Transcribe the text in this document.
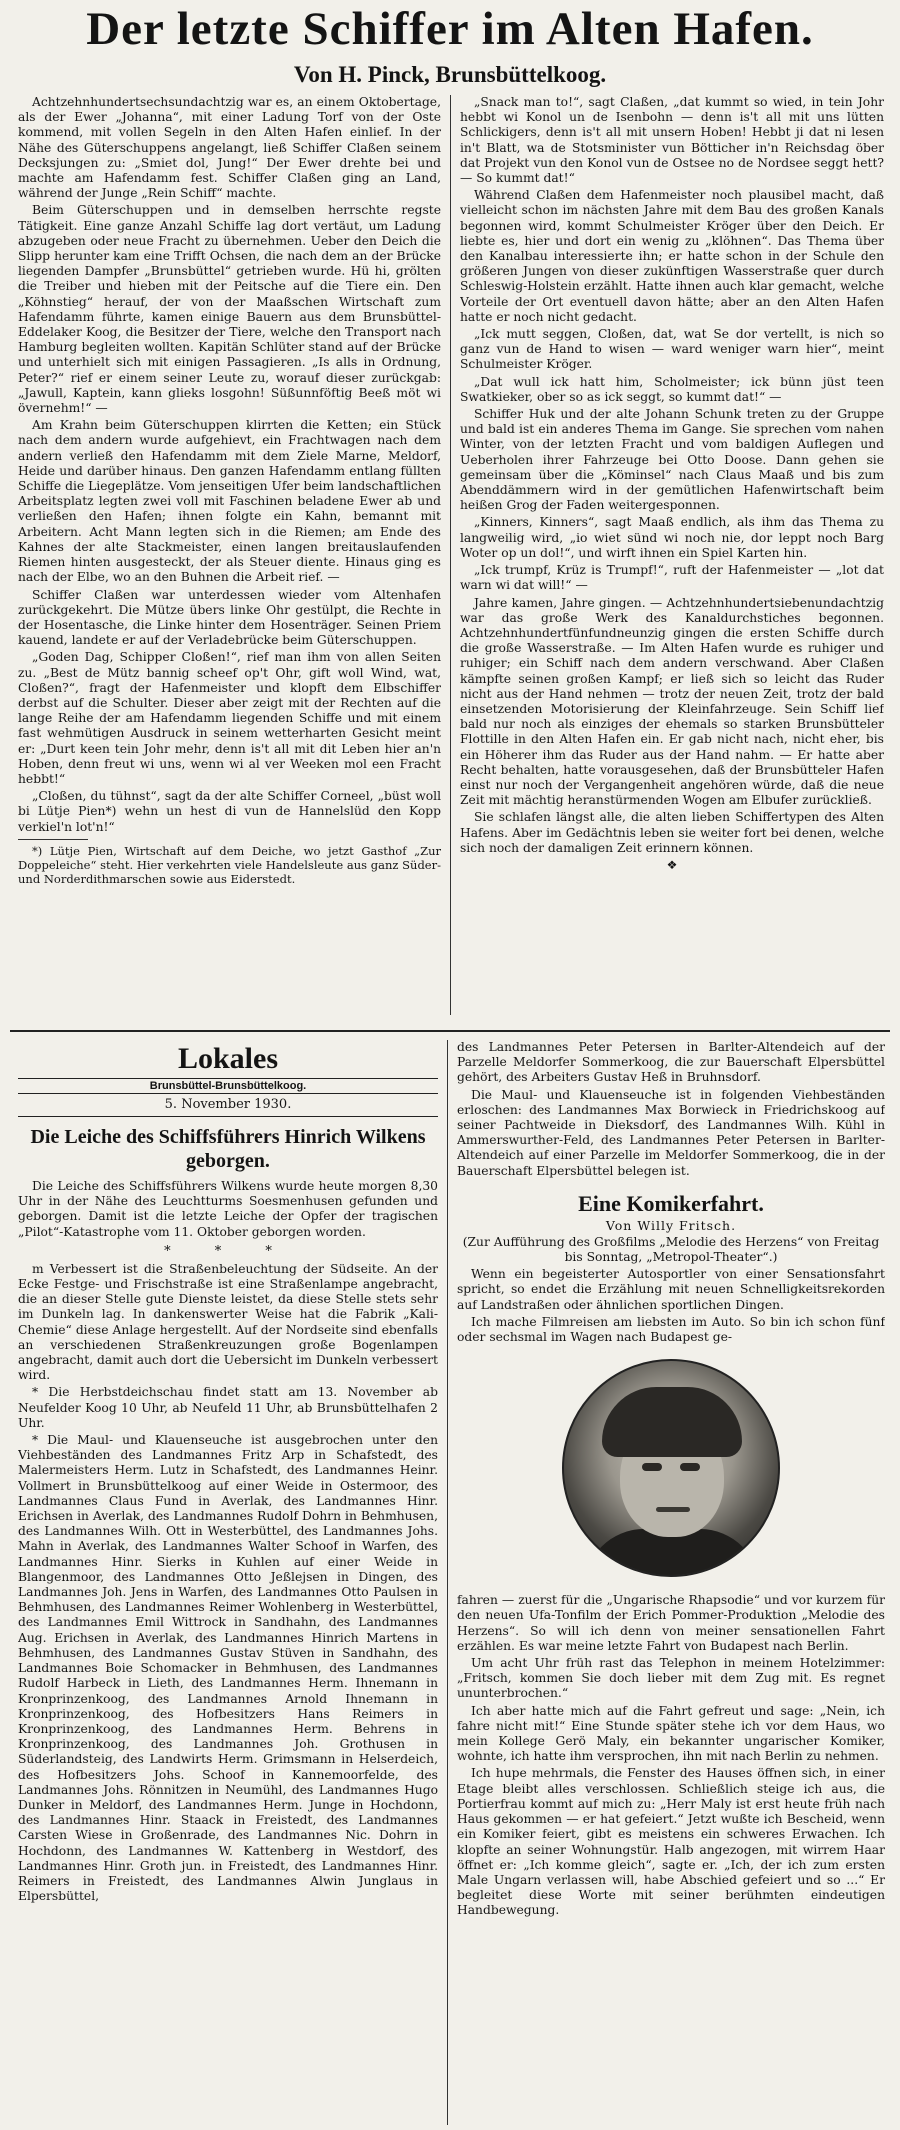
Der letzte Schiffer im Alten Hafen.
Von H. Pinck, Brunsbüttelkoog.

Achtzehnhundertsechsundachtzig war es, an einem Oktobertage, als der Ewer „Johanna“, mit einer Ladung Torf von der Oste kommend, mit vollen Segeln in den Alten Hafen einlief. In der Nähe des Güterschuppens angelangt, ließ Schiffer Claßen seinem Decksjungen zu: „Smiet dol, Jung!“ Der Ewer drehte bei und machte am Hafendamm fest. Schiffer Claßen ging an Land, während der Junge „Rein Schiff“ machte.

Beim Güterschuppen und in demselben herrschte regste Tätigkeit. Eine ganze Anzahl Schiffe lag dort vertäut, um Ladung abzugeben oder neue Fracht zu übernehmen. Ueber den Deich die Slipp herunter kam eine Trifft Ochsen, die nach dem an der Brücke liegenden Dampfer „Brunsbüttel“ getrieben wurde. Hü hi, grölten die Treiber und hieben mit der Peitsche auf die Tiere ein. Den „Köhnstieg“ herauf, der von der Maaßschen Wirtschaft zum Hafendamm führte, kamen einige Bauern aus dem Brunsbüttel-Eddelaker Koog, die Besitzer der Tiere, welche den Transport nach Hamburg begleiten wollten. Kapitän Schlüter stand auf der Brücke und unterhielt sich mit einigen Passagieren. „Is alls in Ordnung, Peter?“ rief er einem seiner Leute zu, worauf dieser zurückgab: „Jawull, Kaptein, kann glieks losgohn! Süßunnföftig Beeß möt wi övernehm!“ —

Am Krahn beim Güterschuppen klirrten die Ketten; ein Stück nach dem andern wurde aufgehievt, ein Frachtwagen nach dem andern verließ den Hafendamm mit dem Ziele Marne, Meldorf, Heide und darüber hinaus. Den ganzen Hafendamm entlang füllten Schiffe die Liegeplätze. Vom jenseitigen Ufer beim landschaftlichen Arbeitsplatz legten zwei voll mit Faschinen beladene Ewer ab und verließen den Hafen; ihnen folgte ein Kahn, bemannt mit Arbeitern. Acht Mann legten sich in die Riemen; am Ende des Kahnes der alte Stackmeister, einen langen breitauslaufenden Riemen hinten ausgesteckt, der als Steuer diente. Hinaus ging es nach der Elbe, wo an den Buhnen die Arbeit rief. —

Schiffer Claßen war unterdessen wieder vom Altenhafen zurückgekehrt. Die Mütze übers linke Ohr gestülpt, die Rechte in der Hosentasche, die Linke hinter dem Hosenträger. Seinen Priem kauend, landete er auf der Verladebrücke beim Güterschuppen.

„Goden Dag, Schipper Cloßen!“, rief man ihm von allen Seiten zu. „Best de Mütz bannig scheef op't Ohr, gift woll Wind, wat, Cloßen?“, fragt der Hafenmeister und klopft dem Elbschiffer derbst auf die Schulter. Dieser aber zeigt mit der Rechten auf die lange Reihe der am Hafendamm liegenden Schiffe und mit einem fast wehmütigen Ausdruck in seinem wetterharten Gesicht meint er: „Durt keen tein Johr mehr, denn is't all mit dit Leben hier an'n Hoben, denn freut wi uns, wenn wi al ver Weeken mol een Fracht hebbt!“

„Cloßen, du tühnst“, sagt da der alte Schiffer Corneel, „büst woll bi Lütje Pien*) wehn un hest di vun de Hannelslüd den Kopp verkiel'n lot'n!“

*) Lütje Pien, Wirtschaft auf dem Deiche, wo jetzt Gasthof „Zur Doppeleiche“ steht. Hier verkehrten viele Handelsleute aus ganz Süder- und Norderdithmarschen sowie aus Eiderstedt.

„Snack man to!“, sagt Claßen, „dat kummt so wied, in tein Johr hebbt wi Konol un de Isenbohn — denn is't all mit uns lütten Schlickigers, denn is't all mit unsern Hoben! Hebbt ji dat ni lesen in't Blatt, wa de Stotsminister vun Bötticher in'n Reichsdag öber dat Projekt vun den Konol vun de Ostsee no de Nordsee seggt hett? — So kummt dat!“

Während Claßen dem Hafenmeister noch plausibel macht, daß vielleicht schon im nächsten Jahre mit dem Bau des großen Kanals begonnen wird, kommt Schulmeister Kröger über den Deich. Er liebte es, hier und dort ein wenig zu „klöhnen“. Das Thema über den Kanalbau interessierte ihn; er hatte schon in der Schule den größeren Jungen von dieser zukünftigen Wasserstraße quer durch Schleswig-Holstein erzählt. Hatte ihnen auch klar gemacht, welche Vorteile der Ort eventuell davon hätte; aber an den Alten Hafen hatte er noch nicht gedacht.

„Ick mutt seggen, Cloßen, dat, wat Se dor vertellt, is nich so ganz vun de Hand to wisen — ward weniger warn hier“, meint Schulmeister Kröger.

„Dat wull ick hatt him, Scholmeister; ick bünn jüst teen Swatkieker, ober so as ick seggt, so kummt dat!“ —

Schiffer Huk und der alte Johann Schunk treten zu der Gruppe und bald ist ein anderes Thema im Gange. Sie sprechen vom nahen Winter, von der letzten Fracht und vom baldigen Auflegen und Ueberholen ihrer Fahrzeuge bei Otto Doose. Dann gehen sie gemeinsam über die „Köminsel“ nach Claus Maaß und bis zum Abenddämmern wird in der gemütlichen Hafenwirtschaft beim heißen Grog der Faden weitergesponnen.

„Kinners, Kinners“, sagt Maaß endlich, als ihm das Thema zu langweilig wird, „io wiet sünd wi noch nie, dor leppt noch Barg Woter op un dol!“, und wirft ihnen ein Spiel Karten hin.

„Ick trumpf, Krüz is Trumpf!“, ruft der Hafenmeister — „lot dat warn wi dat will!“ —

Jahre kamen, Jahre gingen. — Achtzehnhundertsiebenundachtzig war das große Werk des Kanaldurchstiches begonnen. Achtzehnhundertfünfundneunzig gingen die ersten Schiffe durch die große Wasserstraße. — Im Alten Hafen wurde es ruhiger und ruhiger; ein Schiff nach dem andern verschwand. Aber Claßen kämpfte seinen großen Kampf; er ließ sich so leicht das Ruder nicht aus der Hand nehmen — trotz der neuen Zeit, trotz der bald einsetzenden Motorisierung der Kleinfahrzeuge. Sein Schiff lief bald nur noch als einziges der ehemals so starken Brunsbütteler Flottille in den Alten Hafen ein. Er gab nicht nach, nicht eher, bis ein Höherer ihm das Ruder aus der Hand nahm. — Er hatte aber Recht behalten, hatte vorausgesehen, daß der Brunsbütteler Hafen einst nur noch der Vergangenheit angehören würde, daß die neue Zeit mit mächtig heranstürmenden Wogen am Elbufer zurückließ.

Sie schlafen längst alle, die alten lieben Schiffertypen des Alten Hafens. Aber im Gedächtnis leben sie weiter fort bei denen, welche sich noch der damaligen Zeit erinnern können.

❖

Lokales
Brunsbüttel-Brunsbüttelkoog.
5. November 1930.
Die Leiche des Schiffsführers Hinrich Wilkens geborgen.

Die Leiche des Schiffsführers Wilkens wurde heute morgen 8,30 Uhr in der Nähe des Leuchtturms Soesmenhusen gefunden und geborgen. Damit ist die letzte Leiche der Opfer der tragischen „Pilot“-Katastrophe vom 11. Oktober geborgen worden.

* * *

m Verbessert ist die Straßenbeleuchtung der Südseite. An der Ecke Festge- und Frischstraße ist eine Straßenlampe angebracht, die an dieser Stelle gute Dienste leistet, da diese Stelle stets sehr im Dunkeln lag. In dankenswerter Weise hat die Fabrik „Kali-Chemie“ diese Anlage hergestellt. Auf der Nordseite sind ebenfalls an verschiedenen Straßenkreuzungen große Bogenlampen angebracht, damit auch dort die Uebersicht im Dunkeln verbessert wird.

* Die Herbstdeichschau findet statt am 13. November ab Neufelder Koog 10 Uhr, ab Neufeld 11 Uhr, ab Brunsbüttelhafen 2 Uhr.

* Die Maul- und Klauenseuche ist ausgebrochen unter den Viehbeständen des Landmannes Fritz Arp in Schafstedt, des Malermeisters Herm. Lutz in Schafstedt, des Landmannes Heinr. Vollmert in Brunsbüttelkoog auf einer Weide in Ostermoor, des Landmannes Claus Fund in Averlak, des Landmannes Hinr. Erichsen in Averlak, des Landmannes Rudolf Dohrn in Behmhusen, des Landmannes Wilh. Ott in Westerbüttel, des Landmannes Johs. Mahn in Averlak, des Landmannes Walter Schoof in Warfen, des Landmannes Hinr. Sierks in Kuhlen auf einer Weide in Blangenmoor, des Landmannes Otto Jeßlejsen in Dingen, des Landmannes Joh. Jens in Warfen, des Landmannes Otto Paulsen in Behmhusen, des Landmannes Reimer Wohlenberg in Westerbüttel, des Landmannes Emil Wittrock in Sandhahn, des Landmannes Aug. Erichsen in Averlak, des Landmannes Hinrich Martens in Behmhusen, des Landmannes Gustav Stüven in Sandhahn, des Landmannes Boie Schomacker in Behmhusen, des Landmannes Rudolf Harbeck in Lieth, des Landmannes Herm. Ihnemann in Kronprinzenkoog, des Landmannes Arnold Ihnemann in Kronprinzenkoog, des Hofbesitzers Hans Reimers in Kronprinzenkoog, des Landmannes Herm. Behrens in Kronprinzenkoog, des Landmannes Joh. Grothusen in Süderlandsteig, des Landwirts Herm. Grimsmann in Helserdeich, des Hofbesitzers Johs. Schoof in Kannemoorfelde, des Landmannes Johs. Rönnitzen in Neumühl, des Landmannes Hugo Dunker in Meldorf, des Landmannes Herm. Junge in Hochdonn, des Landmannes Hinr. Staack in Freistedt, des Landmannes Carsten Wiese in Großenrade, des Landmannes Nic. Dohrn in Hochdonn, des Landmannes W. Kattenberg in Westdorf, des Landmannes Hinr. Groth jun. in Freistedt, des Landmannes Hinr. Reimers in Freistedt, des Landmannes Alwin Junglaus in Elpersbüttel,

des Landmannes Peter Petersen in Barlter-Altendeich auf der Parzelle Meldorfer Sommerkoog, die zur Bauerschaft Elpersbüttel gehört, des Arbeiters Gustav Heß in Bruhnsdorf.

Die Maul- und Klauenseuche ist in folgenden Viehbeständen erloschen: des Landmannes Max Borwieck in Friedrichskoog auf seiner Pachtweide in Dieksdorf, des Landmannes Wilh. Kühl in Ammerswurther-Feld, des Landmannes Peter Petersen in Barlter-Altendeich auf einer Parzelle im Meldorfer Sommerkoog, die in der Bauerschaft Elpersbüttel belegen ist.

Eine Komikerfahrt.
Von Willy Fritsch.

(Zur Aufführung des Großfilms „Melodie des Herzens“ von Freitag bis Sonntag, „Metropol-Theater“.)

Wenn ein begeisterter Autosportler von einer Sensationsfahrt spricht, so endet die Erzählung mit neuen Schnelligkeitsrekorden auf Landstraßen oder ähnlichen sportlichen Dingen.

Ich mache Filmreisen am liebsten im Auto. So bin ich schon fünf oder sechsmal im Wagen nach Budapest ge-

fahren — zuerst für die „Ungarische Rhapsodie“ und vor kurzem für den neuen Ufa-Tonfilm der Erich Pommer-Produktion „Melodie des Herzens“. So will ich denn von meiner sensationellen Fahrt erzählen. Es war meine letzte Fahrt von Budapest nach Berlin.

Um acht Uhr früh rast das Telephon in meinem Hotelzimmer: „Fritsch, kommen Sie doch lieber mit dem Zug mit. Es regnet ununterbrochen.“

Ich aber hatte mich auf die Fahrt gefreut und sage: „Nein, ich fahre nicht mit!“ Eine Stunde später stehe ich vor dem Haus, wo mein Kollege Gerö Maly, ein bekannter ungarischer Komiker, wohnte, ich hatte ihm versprochen, ihn mit nach Berlin zu nehmen.

Ich hupe mehrmals, die Fenster des Hauses öffnen sich, in einer Etage bleibt alles verschlossen. Schließlich steige ich aus, die Portierfrau kommt auf mich zu: „Herr Maly ist erst heute früh nach Haus gekommen — er hat gefeiert.“ Jetzt wußte ich Bescheid, wenn ein Komiker feiert, gibt es meistens ein schweres Erwachen. Ich klopfte an seiner Wohnungstür. Halb angezogen, mit wirrem Haar öffnet er: „Ich komme gleich“, sagte er. „Ich, der ich zum ersten Male Ungarn verlassen will, habe Abschied gefeiert und so ...“ Er begleitet diese Worte mit seiner berühmten eindeutigen Handbewegung.
